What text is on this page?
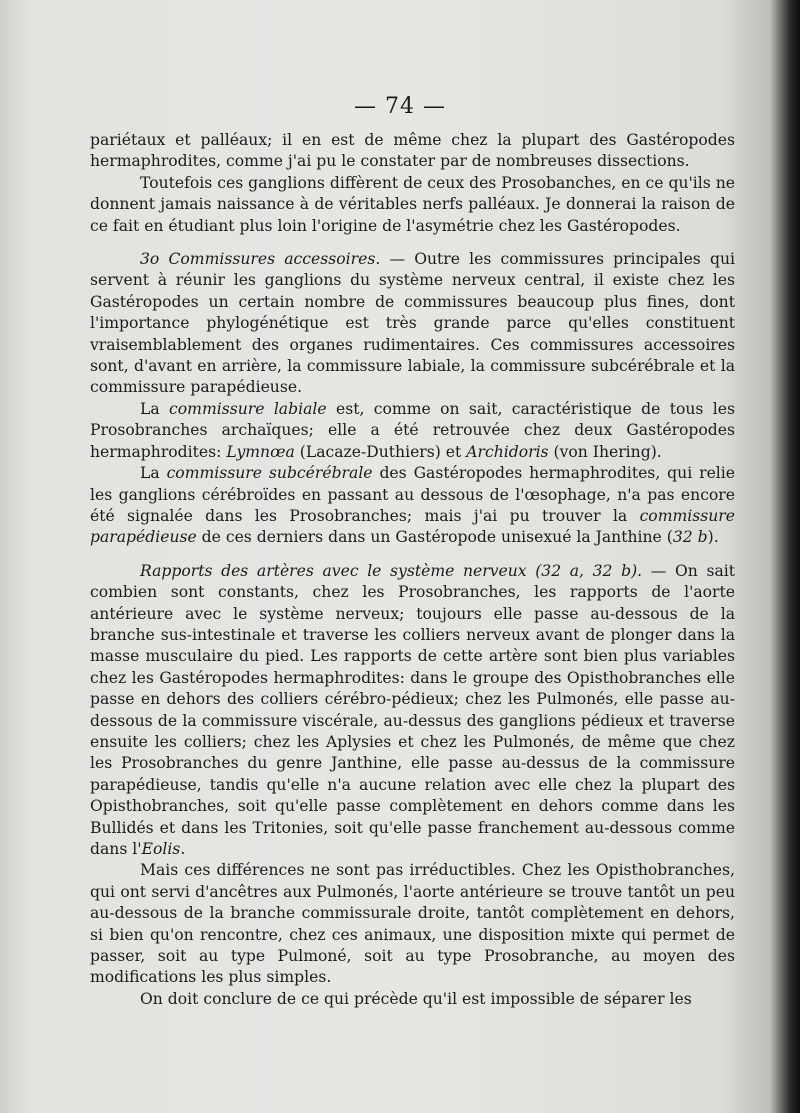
— 74 —

pariétaux et palléaux; il en est de même chez la plupart des Gastéropodes hermaphrodites, comme j'ai pu le constater par de nombreuses dissections.

Toutefois ces ganglions diffèrent de ceux des Prosobanches, en ce qu'ils ne donnent jamais naissance à de véritables nerfs palléaux. Je donnerai la raison de ce fait en étudiant plus loin l'origine de l'asymétrie chez les Gastéropodes.

3o Commissures accessoires. — Outre les commissures principales qui servent à réunir les ganglions du système nerveux central, il existe chez les Gastéropodes un certain nombre de commissures beaucoup plus fines, dont l'importance phylogénétique est très grande parce qu'elles constituent vraisemblablement des organes rudimentaires. Ces commissures accessoires sont, d'avant en arrière, la commissure labiale, la commissure subcérébrale et la commissure parapédieuse.

La commissure labiale est, comme on sait, caractéristique de tous les Prosobranches archaïques; elle a été retrouvée chez deux Gastéropodes hermaphrodites: Lymnœa (Lacaze-Duthiers) et Archidoris (von Ihering).

La commissure subcérébrale des Gastéropodes hermaphrodites, qui relie les ganglions cérébroïdes en passant au dessous de l'œsophage, n'a pas encore été signalée dans les Prosobranches; mais j'ai pu trouver la commissure parapédieuse de ces derniers dans un Gastéropode unisexué la Janthine (32 b).

Rapports des artères avec le système nerveux (32 a, 32 b). — On sait combien sont constants, chez les Prosobranches, les rapports de l'aorte antérieure avec le système nerveux; toujours elle passe au-dessous de la branche sus-intestinale et traverse les colliers nerveux avant de plonger dans la masse musculaire du pied. Les rapports de cette artère sont bien plus variables chez les Gastéropodes hermaphrodites: dans le groupe des Opisthobranches elle passe en dehors des colliers cérébro-pédieux; chez les Pulmonés, elle passe au-dessous de la commissure viscérale, au-dessus des ganglions pédieux et traverse ensuite les colliers; chez les Aplysies et chez les Pulmonés, de même que chez les Prosobranches du genre Janthine, elle passe au-dessus de la commissure parapédieuse, tandis qu'elle n'a aucune relation avec elle chez la plupart des Opisthobranches, soit qu'elle passe complètement en dehors comme dans les Bullidés et dans les Tritonies, soit qu'elle passe franchement au-dessous comme dans l'Eolis.

Mais ces différences ne sont pas irréductibles. Chez les Opisthobranches, qui ont servi d'ancêtres aux Pulmonés, l'aorte antérieure se trouve tantôt un peu au-dessous de la branche commissurale droite, tantôt complètement en dehors, si bien qu'on rencontre, chez ces animaux, une disposition mixte qui permet de passer, soit au type Pulmoné, soit au type Prosobranche, au moyen des modifications les plus simples.

On doit conclure de ce qui précède qu'il est impossible de séparer les
